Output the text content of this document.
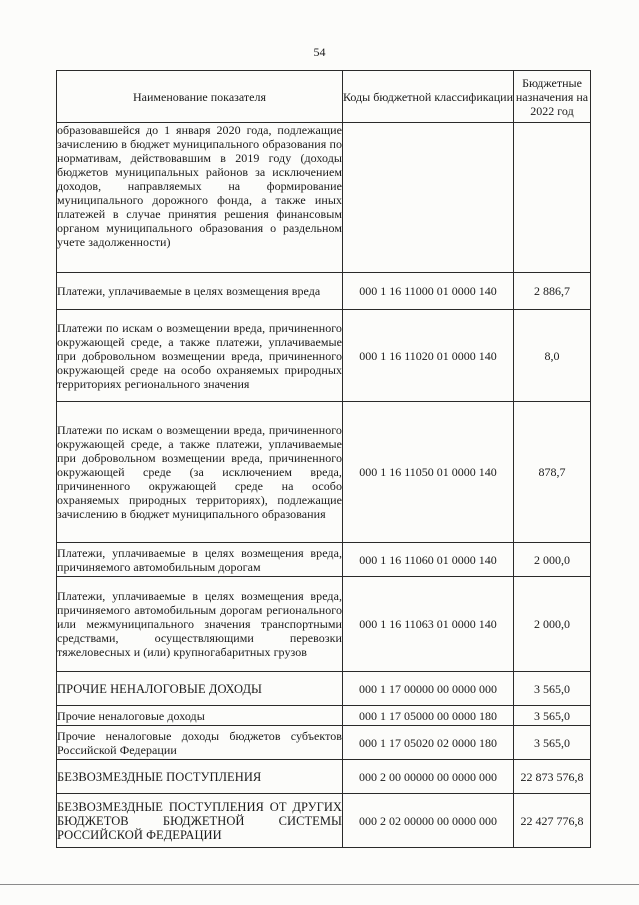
54
Наименование показателя	Коды бюджетной классификации	Бюджетные назначения на 2022 год
образовавшейся до 1 января 2020 года, подлежащие зачислению в бюджет муниципального образования по нормативам, действовавшим в 2019 году (доходы бюджетов муниципальных районов за исключением доходов, направляемых на формирование муниципального дорожного фонда, а также иных платежей в случае принятия решения финансовым органом муниципального образования о раздельном учете задолженности)		
Платежи, уплачиваемые в целях возмещения вреда	000 1 16 11000 01 0000 140	2 886,7
Платежи по искам о возмещении вреда, причиненного окружающей среде, а также платежи, уплачиваемые при добровольном возмещении вреда, причиненного окружающей среде на особо охраняемых природных территориях регионального значения	000 1 16 11020 01 0000 140	8,0
Платежи по искам о возмещении вреда, причиненного окружающей среде, а также платежи, уплачиваемые при добровольном возмещении вреда, причиненного окружающей среде (за исключением вреда, причиненного окружающей среде на особо охраняемых природных территориях), подлежащие зачислению в бюджет муниципального образования	000 1 16 11050 01 0000 140	878,7
Платежи, уплачиваемые в целях возмещения вреда, причиняемого автомобильным дорогам	000 1 16 11060 01 0000 140	2 000,0
Платежи, уплачиваемые в целях возмещения вреда, причиняемого автомобильным дорогам регионального или межмуниципального значения транспортными средствами, осуществляющими перевозки тяжеловесных и (или) крупногабаритных грузов	000 1 16 11063 01 0000 140	2 000,0
ПРОЧИЕ НЕНАЛОГОВЫЕ ДОХОДЫ	000 1 17 00000 00 0000 000	3 565,0
Прочие неналоговые доходы	000 1 17 05000 00 0000 180	3 565,0
Прочие неналоговые доходы бюджетов субъектов Российской Федерации	000 1 17 05020 02 0000 180	3 565,0
БЕЗВОЗМЕЗДНЫЕ ПОСТУПЛЕНИЯ	000 2 00 00000 00 0000 000	22 873 576,8
БЕЗВОЗМЕЗДНЫЕ ПОСТУПЛЕНИЯ ОТ ДРУГИХ БЮДЖЕТОВ БЮДЖЕТНОЙ СИСТЕМЫ РОССИЙСКОЙ ФЕДЕРАЦИИ	000 2 02 00000 00 0000 000	22 427 776,8
